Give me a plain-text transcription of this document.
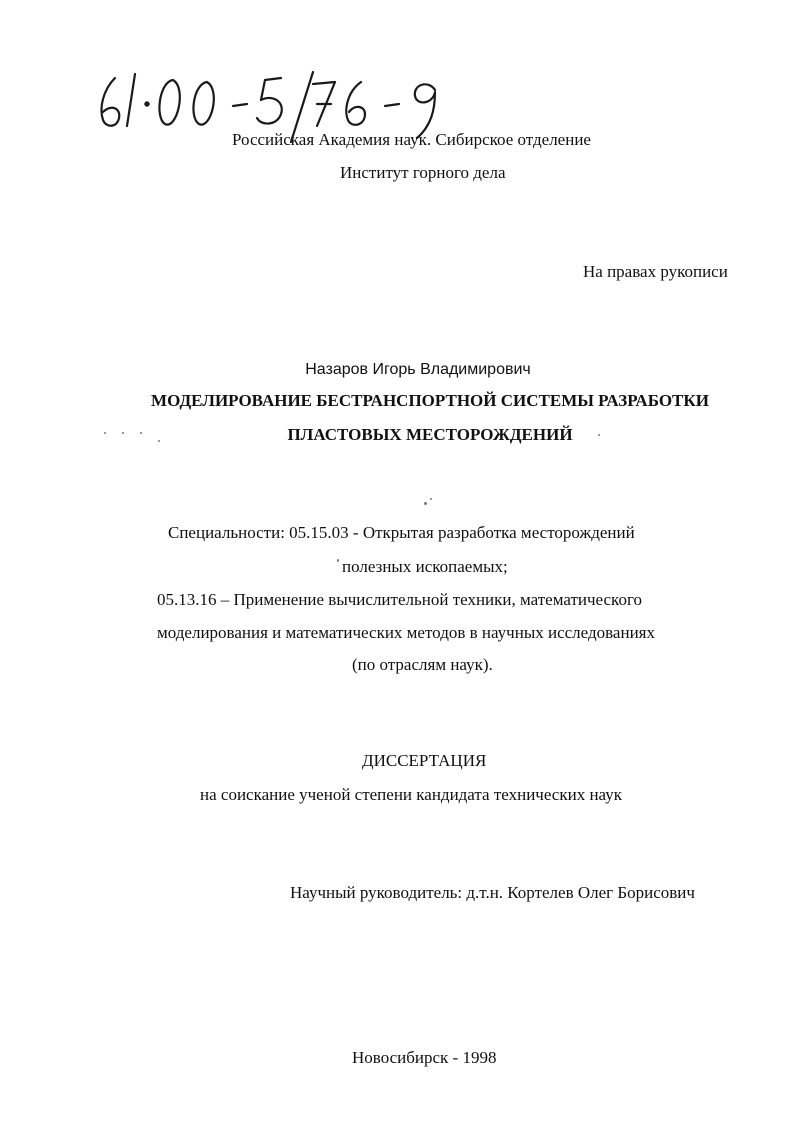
Российская Академия наук. Сибирское отделение
Институт горного дела
На правах рукописи
Назаров Игорь Владимирович
МОДЕЛИРОВАНИЕ БЕСТРАНСПОРТНОЙ СИСТЕМЫ РАЗРАБОТКИ
ПЛАСТОВЫХ МЕСТОРОЖДЕНИЙ
Специальности: 05.15.03 - Открытая разработка месторождений
полезных ископаемых;
05.13.16 – Применение вычислительной техники, математического
моделирования и математических методов в научных исследованиях
(по отраслям наук).
ДИССЕРТАЦИЯ
на соискание ученой степени кандидата технических наук
Научный руководитель: д.т.н. Кортелев Олег Борисович
Новосибирск - 1998
